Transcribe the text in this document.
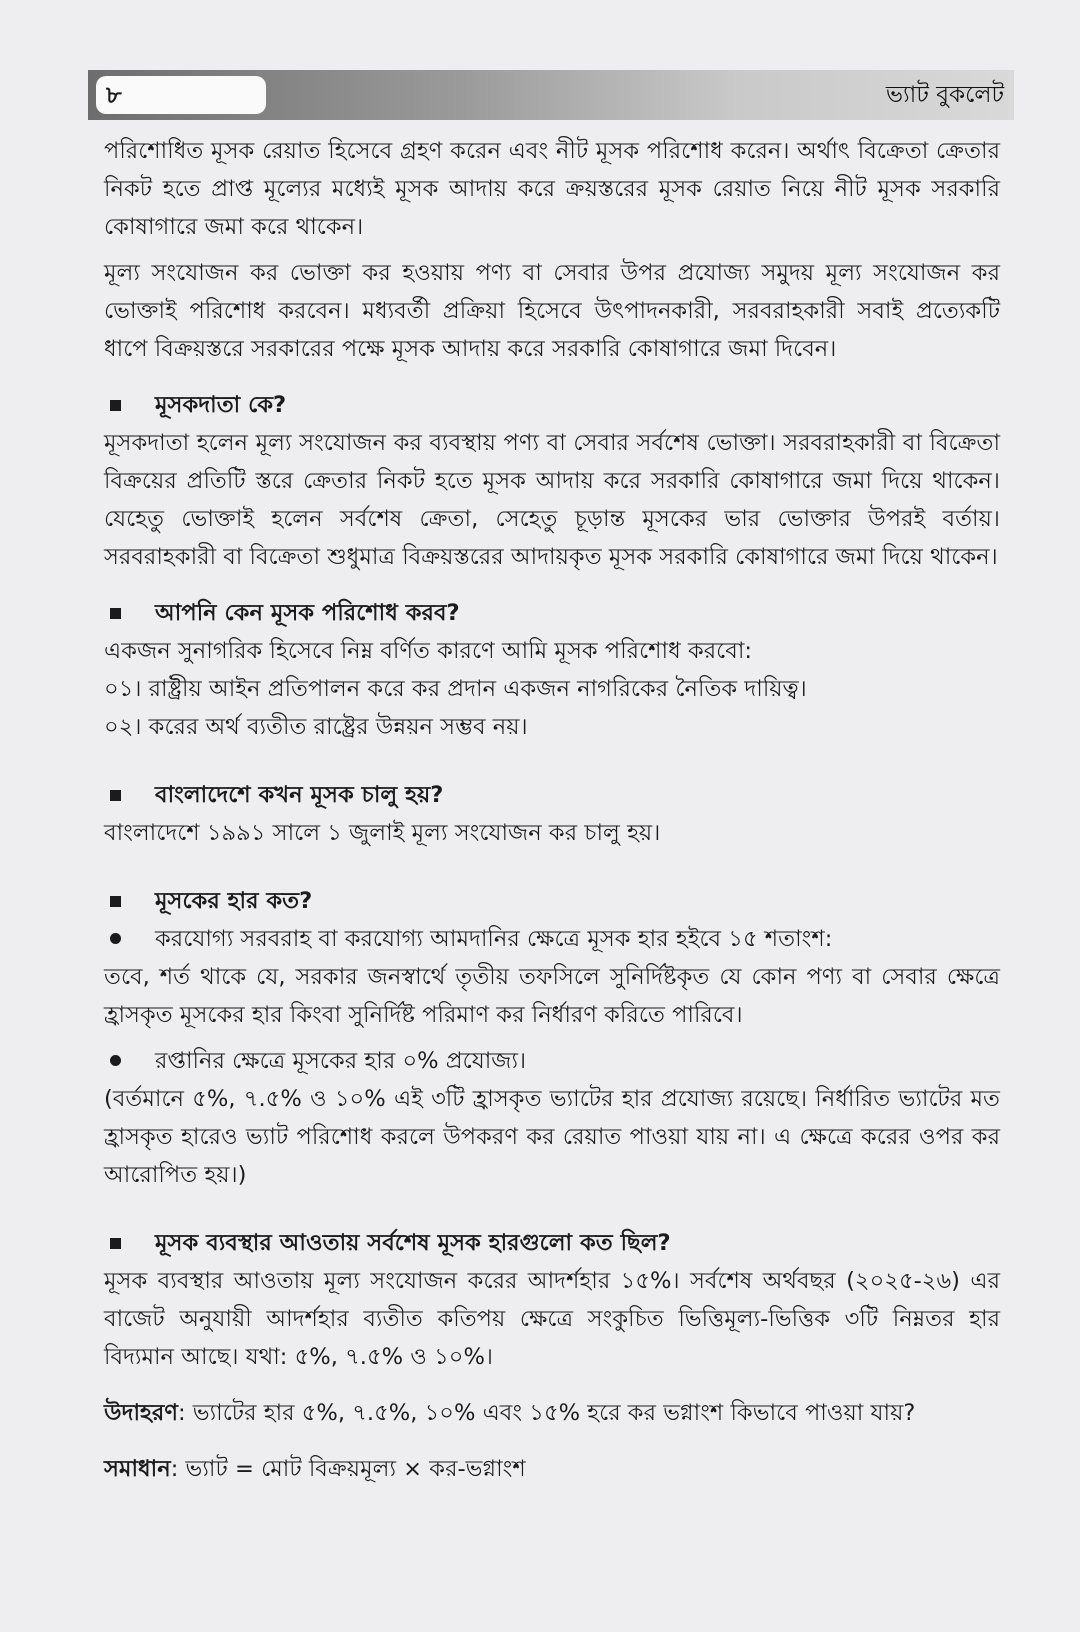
৮	ভ্যাট বুকলেট

পরিশোধিত মূসক রেয়াত হিসেবে গ্রহণ করেন এবং নীট মূসক পরিশোধ করেন। অর্থাৎ বিক্রেতা ক্রেতার নিকট হতে প্রাপ্ত মূল্যের মধ্যেই মূসক আদায় করে ক্রয়স্তরের মূসক রেয়াত নিয়ে নীট মূসক সরকারি কোষাগারে জমা করে থাকেন।

মূল্য সংযোজন কর ভোক্তা কর হওয়ায় পণ্য বা সেবার উপর প্রযোজ্য সমুদয় মূল্য সংযোজন কর ভোক্তাই পরিশোধ করবেন। মধ্যবর্তী প্রক্রিয়া হিসেবে উৎপাদনকারী, সরবরাহকারী সবাই প্রত্যেকটি ধাপে বিক্রয়স্তরে সরকারের পক্ষে মূসক আদায় করে সরকারি কোষাগারে জমা দিবেন।

মূসকদাতা কে?

মূসকদাতা হলেন মূল্য সংযোজন কর ব্যবস্থায় পণ্য বা সেবার সর্বশেষ ভোক্তা। সরবরাহকারী বা বিক্রেতা বিক্রয়ের প্রতিটি স্তরে ক্রেতার নিকট হতে মূসক আদায় করে সরকারি কোষাগারে জমা দিয়ে থাকেন। যেহেতু ভোক্তাই হলেন সর্বশেষ ক্রেতা, সেহেতু চূড়ান্ত মূসকের ভার ভোক্তার উপরই বর্তায়। সরবরাহকারী বা বিক্রেতা শুধুমাত্র বিক্রয়স্তরের আদায়কৃত মূসক সরকারি কোষাগারে জমা দিয়ে থাকেন।

আপনি কেন মূসক পরিশোধ করব?

একজন সুনাগরিক হিসেবে নিম্ন বর্ণিত কারণে আমি মূসক পরিশোধ করবো:

০১। রাষ্ট্রীয় আইন প্রতিপালন করে কর প্রদান একজন নাগরিকের নৈতিক দায়িত্ব।

০২। করের অর্থ ব্যতীত রাষ্ট্রের উন্নয়ন সম্ভব নয়।

বাংলাদেশে কখন মূসক চালু হয়?

বাংলাদেশে ১৯৯১ সালে ১ জুলাই মূল্য সংযোজন কর চালু হয়।

মূসকের হার কত?

করযোগ্য সরবরাহ বা করযোগ্য আমদানির ক্ষেত্রে মূসক হার হইবে ১৫ শতাংশ:

তবে, শর্ত থাকে যে, সরকার জনস্বার্থে তৃতীয় তফসিলে সুনির্দিষ্টকৃত যে কোন পণ্য বা সেবার ক্ষেত্রে হ্রাসকৃত মূসকের হার কিংবা সুনির্দিষ্ট পরিমাণ কর নির্ধারণ করিতে পারিবে।

রপ্তানির ক্ষেত্রে মূসকের হার ০% প্রযোজ্য।

(বর্তমানে ৫%, ৭.৫% ও ১০% এই ৩টি হ্রাসকৃত ভ্যাটের হার প্রযোজ্য রয়েছে। নির্ধারিত ভ্যাটের মত হ্রাসকৃত হারেও ভ্যাট পরিশোধ করলে উপকরণ কর রেয়াত পাওয়া যায় না। এ ক্ষেত্রে করের ওপর কর আরোপিত হয়।)

মূসক ব্যবস্থার আওতায় সর্বশেষ মূসক হারগুলো কত ছিল?

মূসক ব্যবস্থার আওতায় মূল্য সংযোজন করের আদর্শহার ১৫%। সর্বশেষ অর্থবছর (২০২৫-২৬) এর বাজেট অনুযায়ী আদর্শহার ব্যতীত কতিপয় ক্ষেত্রে সংকুচিত ভিত্তিমূল্য-ভিত্তিক ৩টি নিম্নতর হার বিদ্যমান আছে। যথা: ৫%, ৭.৫% ও ১০%।

উদাহরণ: ভ্যাটের হার ৫%, ৭.৫%, ১০% এবং ১৫% হরে কর ভগ্নাংশ কিভাবে পাওয়া যায়?

সমাধান: ভ্যাট = মোট বিক্রয়মূল্য × কর-ভগ্নাংশ
